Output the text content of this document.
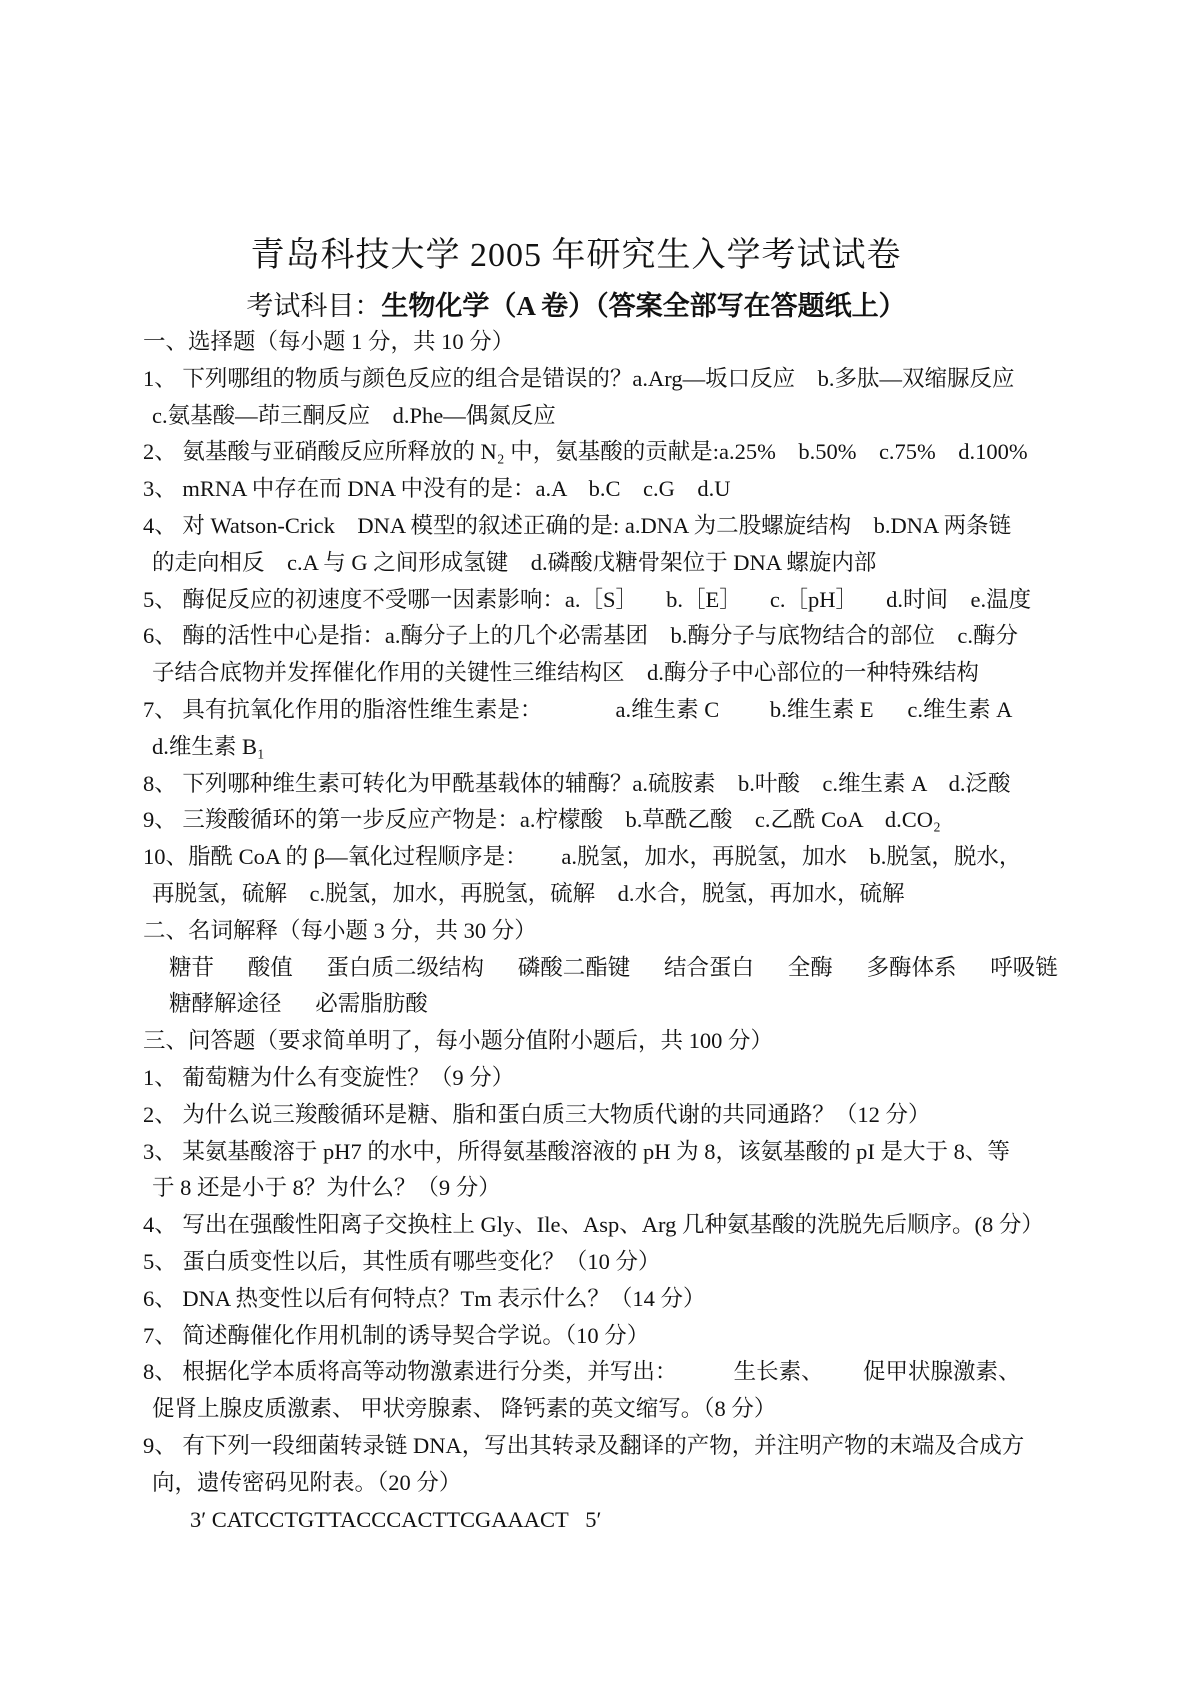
青岛科技大学 2005 年研究生入学考试试卷
考试科目：生物化学（A 卷）（答案全部写在答题纸上）
一、选择题（每小题 1 分，共 10 分）
1、 下列哪组的物质与颜色反应的组合是错误的？a.Arg—坂口反应    b.多肽—双缩脲反应
c.氨基酸—茚三酮反应    d.Phe—偶氮反应
2、 氨基酸与亚硝酸反应所释放的 N₂ 中，氨基酸的贡献是:a.25%    b.50%    c.75%    d.100%
3、 mRNA 中存在而 DNA 中没有的是：a.A    b.C    c.G    d.U
4、 对 Watson-Crick    DNA 模型的叙述正确的是: a.DNA 为二股螺旋结构    b.DNA 两条链
的走向相反    c.A 与 G 之间形成氢键    d.磷酸戊糖骨架位于 DNA 螺旋内部
5、 酶促反应的初速度不受哪一因素影响：a.［S］     b.［E］     c.［pH］     d.时间    e.温度
6、 酶的活性中心是指：a.酶分子上的几个必需基团    b.酶分子与底物结合的部位    c.酶分
子结合底物并发挥催化作用的关键性三维结构区    d.酶分子中心部位的一种特殊结构
7、 具有抗氧化作用的脂溶性维生素是：             a.维生素 C         b.维生素 E      c.维生素 A
d.维生素 B₁
8、 下列哪种维生素可转化为甲酰基载体的辅酶？a.硫胺素    b.叶酸    c.维生素 A    d.泛酸
9、 三羧酸循环的第一步反应产物是：a.柠檬酸    b.草酰乙酸    c.乙酰 CoA    d.CO₂
10、脂酰 CoA 的 β—氧化过程顺序是：      a.脱氢，加水，再脱氢，加水    b.脱氢，脱水，
再脱氢，硫解    c.脱氢，加水，再脱氢，硫解    d.水合，脱氢，再加水，硫解
二、名词解释（每小题 3 分，共 30 分）
糖苷      酸值      蛋白质二级结构      磷酸二酯键      结合蛋白      全酶      多酶体系      呼吸链
糖酵解途径      必需脂肪酸
三、问答题（要求简单明了，每小题分值附小题后，共 100 分）
1、 葡萄糖为什么有变旋性？（9 分）
2、 为什么说三羧酸循环是糖、脂和蛋白质三大物质代谢的共同通路？（12 分）
3、 某氨基酸溶于 pH7 的水中，所得氨基酸溶液的 pH 为 8，该氨基酸的 pI 是大于 8、等
于 8 还是小于 8？为什么？（9 分）
4、 写出在强酸性阳离子交换柱上 Gly、Ile、Asp、Arg 几种氨基酸的洗脱先后顺序。(8 分）
5、 蛋白质变性以后，其性质有哪些变化？（10 分）
6、 DNA 热变性以后有何特点？Tm 表示什么？（14 分）
7、 简述酶催化作用机制的诱导契合学说。（10 分）
8、 根据化学本质将高等动物激素进行分类，并写出：          生长素、       促甲状腺激素、
促肾上腺皮质激素、 甲状旁腺素、 降钙素的英文缩写。（8 分）
9、 有下列一段细菌转录链 DNA，写出其转录及翻译的产物，并注明产物的末端及合成方
向，遗传密码见附表。（20 分）
3′ CATCCTGTTACCCACTTCGAAACT   5′
